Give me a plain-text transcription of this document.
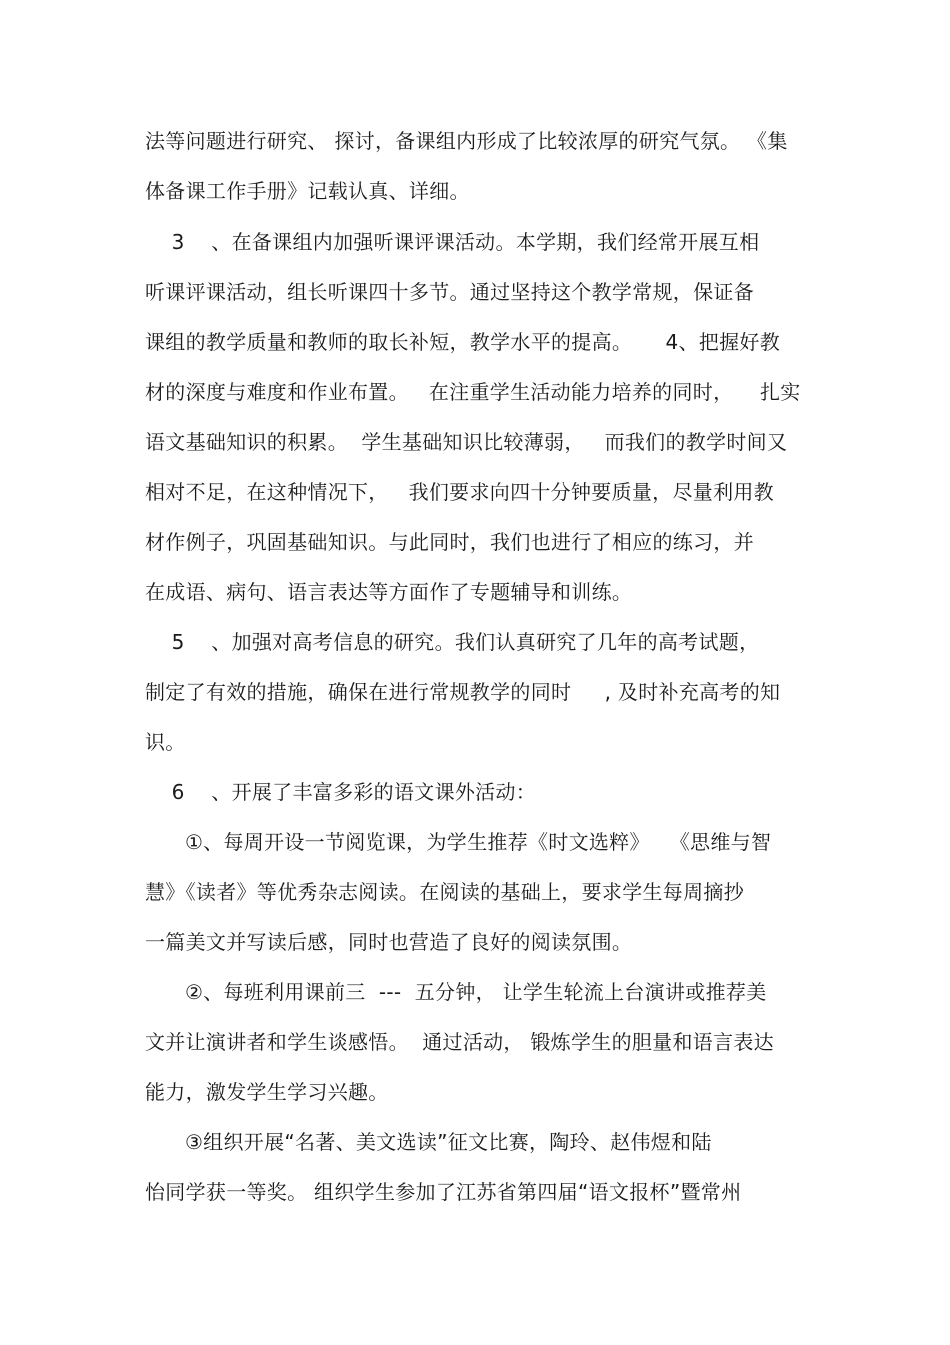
法等问题进行研究、 探讨，备课组内形成了比较浓厚的研究气氛。 《集
体备课工作手册》记载认真、详细。
3    、在备课组内加强听课评课活动。本学期，我们经常开展互相
听课评课活动，组长听课四十多节。通过坚持这个教学常规，保证备
课组的教学质量和教师的取长补短，教学水平的提高。     4、把握好教
材的深度与难度和作业布置。   在注重学生活动能力培养的同时，    扎实
语文基础知识的积累。  学生基础知识比较薄弱，   而我们的教学时间又
相对不足，在这种情况下，   我们要求向四十分钟要质量，尽量利用教
材作例子，巩固基础知识。与此同时，我们也进行了相应的练习，并
在成语、病句、语言表达等方面作了专题辅导和训练。
5    、加强对高考信息的研究。我们认真研究了几年的高考试题，
制定了有效的措施，确保在进行常规教学的同时     , 及时补充高考的知
识。
6    、开展了丰富多彩的语文课外活动：
①、每周开设一节阅览课，为学生推荐《时文选粹》   《思维与智
慧》《读者》等优秀杂志阅读。在阅读的基础上，要求学生每周摘抄
一篇美文并写读后感，同时也营造了良好的阅读氛围。
②、每班利用课前三  ---  五分钟， 让学生轮流上台演讲或推荐美
文并让演讲者和学生谈感悟。  通过活动， 锻炼学生的胆量和语言表达
能力，激发学生学习兴趣。
③组织开展“名著、美文选读”征文比赛，陶玲、赵伟煜和陆
怡同学获一等奖。 组织学生参加了江苏省第四届“语文报杯”暨常州
